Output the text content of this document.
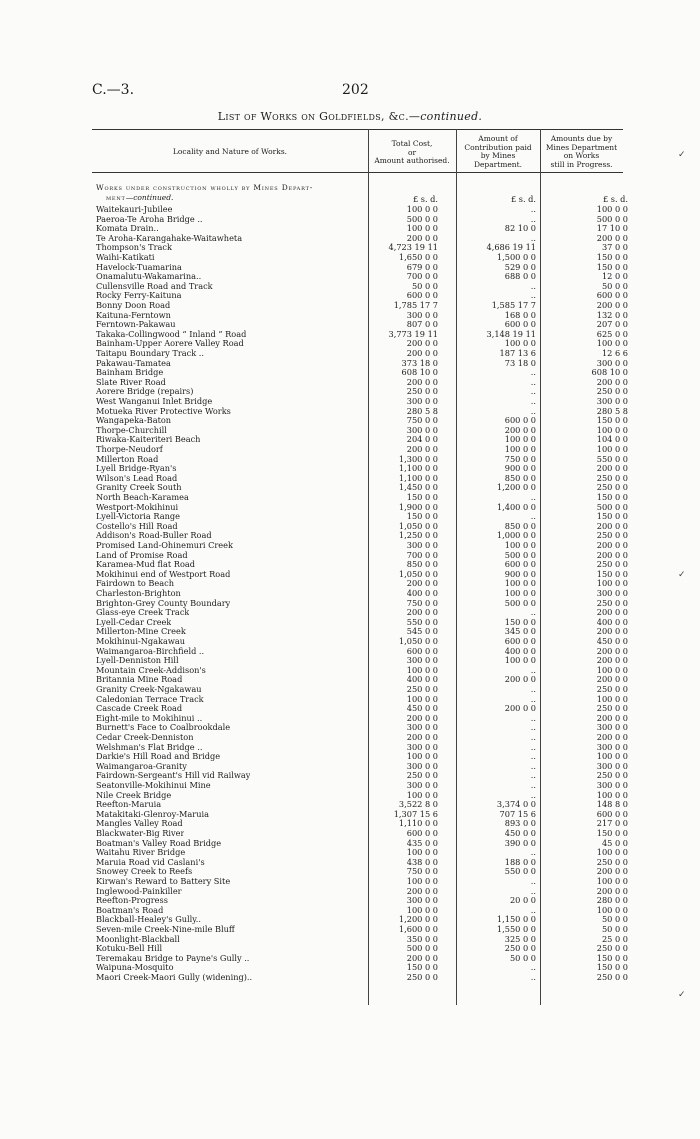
C.—3.	202
List of Works on Goldfields, &c.—continued.
Locality and Nature of Works.
Total Cost,
or
Amount authorised.
Amount of
Contribution paid
by Mines
Department.
Amounts due by
Mines Department
on Works
still in Progress.
Works under construction wholly by Mines Depart-
ment—continued.	£ s. d.	£ s. d.	£ s. d.
Waitekauri-Jubilee	100 0 0	..	100 0 0
Paeroa-Te Aroha Bridge ..	500 0 0	..	500 0 0
Komata Drain..	100 0 0	82 10 0	17 10 0
Te Aroha-Karangahake-Waitawheta	200 0 0	..	200 0 0
Thompson's Track	4,723 19 11	4,686 19 11	37 0 0
Waihi-Katikati	1,650 0 0	1,500 0 0	150 0 0
Havelock-Tuamarina	679 0 0	529 0 0	150 0 0
Onamalutu-Wakamarina..	700 0 0	688 0 0	12 0 0
Cullensville Road and Track	50 0 0	..	50 0 0
Rocky Ferry-Kaituna	600 0 0	..	600 0 0
Bonny Doon Road	1,785 17 7	1,585 17 7	200 0 0
Kaituna-Ferntown	300 0 0	168 0 0	132 0 0
Ferntown-Pakawau	807 0 0	600 0 0	207 0 0
Takaka-Collingwood “ Inland ” Road	3,773 19 11	3,148 19 11	625 0 0
Bainham-Upper Aorere Valley Road	200 0 0	100 0 0	100 0 0
Taitapu Boundary Track ..	200 0 0	187 13 6	12 6 6
Pakawau-Tamatea	373 18 0	73 18 0	300 0 0
Bainham Bridge	608 10 0	..	608 10 0
Slate River Road	200 0 0	..	200 0 0
Aorere Bridge (repairs)	250 0 0	..	250 0 0
West Wanganui Inlet Bridge	300 0 0	..	300 0 0
Motueka River Protective Works	280 5 8	..	280 5 8
Wangapeka-Baton	750 0 0	600 0 0	150 0 0
Thorpe-Churchill	300 0 0	200 0 0	100 0 0
Riwaka-Kaiteriteri Beach	204 0 0	100 0 0	104 0 0
Thorpe-Neudorf	200 0 0	100 0 0	100 0 0
Millerton Road	1,300 0 0	750 0 0	550 0 0
Lyell Bridge-Ryan's	1,100 0 0	900 0 0	200 0 0
Wilson's Lead Road	1,100 0 0	850 0 0	250 0 0
Granity Creek South	1,450 0 0	1,200 0 0	250 0 0
North Beach-Karamea	150 0 0	..	150 0 0
Westport-Mokihinui	1,900 0 0	1,400 0 0	500 0 0
Lyell-Victoria Range	150 0 0	..	150 0 0
Costello's Hill Road	1,050 0 0	850 0 0	200 0 0
Addison's Road-Buller Road	1,250 0 0	1,000 0 0	250 0 0
Promised Land-Ohinemuri Creek	300 0 0	100 0 0	200 0 0
Land of Promise Road	700 0 0	500 0 0	200 0 0
Karamea-Mud flat Road	850 0 0	600 0 0	250 0 0
Mokihinui end of Westport Road	1,050 0 0	900 0 0	150 0 0
Fairdown to Beach	200 0 0	100 0 0	100 0 0
Charleston-Brighton	400 0 0	100 0 0	300 0 0
Brighton-Grey County Boundary	750 0 0	500 0 0	250 0 0
Glass-eye Creek Track	200 0 0	..	200 0 0
Lyell-Cedar Creek	550 0 0	150 0 0	400 0 0
Millerton-Mine Creek	545 0 0	345 0 0	200 0 0
Mokihinui-Ngakawau	1,050 0 0	600 0 0	450 0 0
Waimangaroa-Birchfield ..	600 0 0	400 0 0	200 0 0
Lyell-Denniston Hill	300 0 0	100 0 0	200 0 0
Mountain Creek-Addison's	100 0 0	..	100 0 0
Britannia Mine Road	400 0 0	200 0 0	200 0 0
Granity Creek-Ngakawau	250 0 0	..	250 0 0
Caledonian Terrace Track	100 0 0	..	100 0 0
Cascade Creek Road	450 0 0	200 0 0	250 0 0
Eight-mile to Mokihinui ..	200 0 0	..	200 0 0
Burnett's Face to Coalbrookdale	300 0 0	..	300 0 0
Cedar Creek-Denniston	200 0 0	..	200 0 0
Welshman's Flat Bridge ..	300 0 0	..	300 0 0
Darkie's Hill Road and Bridge	100 0 0	..	100 0 0
Waimangaroa-Granity	300 0 0	..	300 0 0
Fairdown-Sergeant's Hill vid Railway	250 0 0	..	250 0 0
Seatonville-Mokihinui Mine	300 0 0	..	300 0 0
Nile Creek Bridge	100 0 0	..	100 0 0
Reefton-Maruia	3,522 8 0	3,374 0 0	148 8 0
Matakitaki-Glenroy-Maruia	1,307 15 6	707 15 6	600 0 0
Mangles Valley Road	1,110 0 0	893 0 0	217 0 0
Blackwater-Big River	600 0 0	450 0 0	150 0 0
Boatman's Valley Road Bridge	435 0 0	390 0 0	45 0 0
Waitahu River Bridge	100 0 0	..	100 0 0
Maruia Road vid Caslani's	438 0 0	188 0 0	250 0 0
Snowey Creek to Reefs	750 0 0	550 0 0	200 0 0
Kirwan's Reward to Battery Site	100 0 0	..	100 0 0
Inglewood-Painkiller	200 0 0	..	200 0 0
Reefton-Progress	300 0 0	20 0 0	280 0 0
Boatman's Road	100 0 0	..	100 0 0
Blackball-Healey's Gully..	1,200 0 0	1,150 0 0	50 0 0
Seven-mile Creek-Nine-mile Bluff	1,600 0 0	1,550 0 0	50 0 0
Moonlight-Blackball	350 0 0	325 0 0	25 0 0
Kotuku-Bell Hill	500 0 0	250 0 0	250 0 0
Teremakau Bridge to Payne's Gully ..	200 0 0	50 0 0	150 0 0
Waipuna-Mosquito	150 0 0	..	150 0 0
Maori Creek-Maori Gully (widening)..	250 0 0	..	250 0 0
✓
✓
✓
